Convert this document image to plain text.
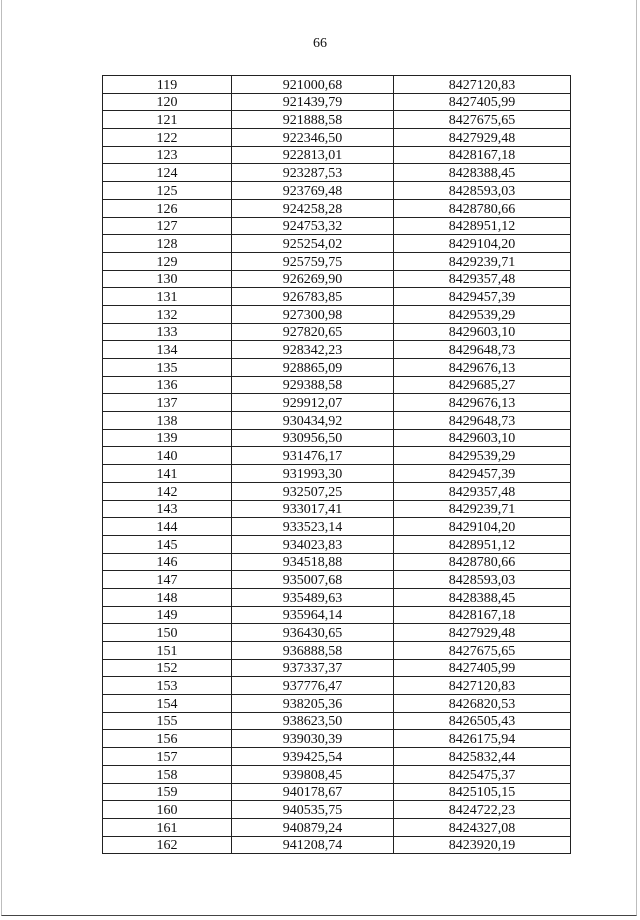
66
119	921000,68	8427120,83
120	921439,79	8427405,99
121	921888,58	8427675,65
122	922346,50	8427929,48
123	922813,01	8428167,18
124	923287,53	8428388,45
125	923769,48	8428593,03
126	924258,28	8428780,66
127	924753,32	8428951,12
128	925254,02	8429104,20
129	925759,75	8429239,71
130	926269,90	8429357,48
131	926783,85	8429457,39
132	927300,98	8429539,29
133	927820,65	8429603,10
134	928342,23	8429648,73
135	928865,09	8429676,13
136	929388,58	8429685,27
137	929912,07	8429676,13
138	930434,92	8429648,73
139	930956,50	8429603,10
140	931476,17	8429539,29
141	931993,30	8429457,39
142	932507,25	8429357,48
143	933017,41	8429239,71
144	933523,14	8429104,20
145	934023,83	8428951,12
146	934518,88	8428780,66
147	935007,68	8428593,03
148	935489,63	8428388,45
149	935964,14	8428167,18
150	936430,65	8427929,48
151	936888,58	8427675,65
152	937337,37	8427405,99
153	937776,47	8427120,83
154	938205,36	8426820,53
155	938623,50	8426505,43
156	939030,39	8426175,94
157	939425,54	8425832,44
158	939808,45	8425475,37
159	940178,67	8425105,15
160	940535,75	8424722,23
161	940879,24	8424327,08
162	941208,74	8423920,19
